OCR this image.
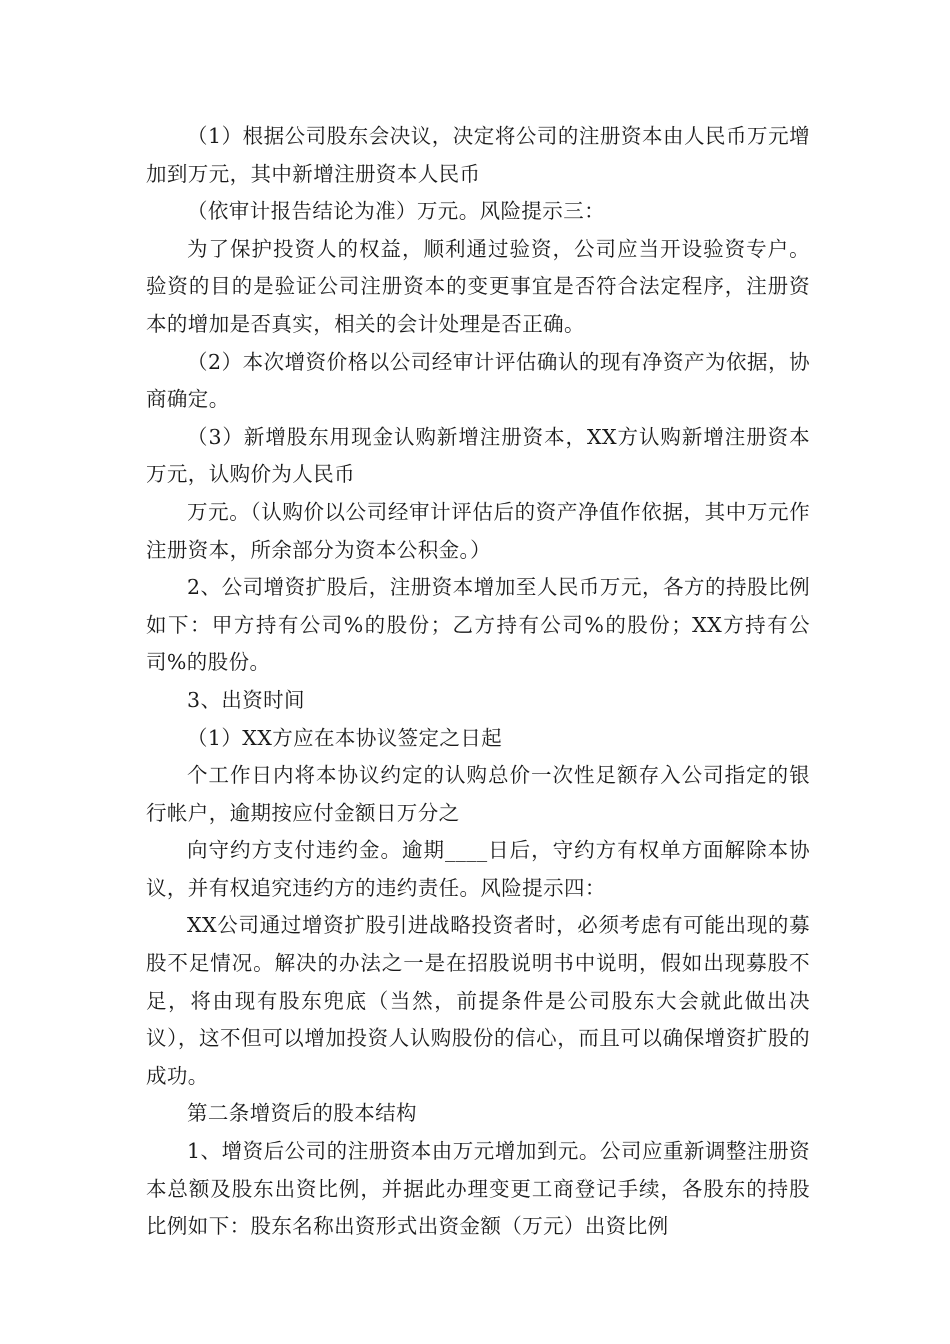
（1）根据公司股东会决议，决定将公司的注册资本由人民币万元增加到万元，其中新增注册资本人民币

（依审计报告结论为准）万元。风险提示三：

为了保护投资人的权益，顺利通过验资，公司应当开设验资专户。验资的目的是验证公司注册资本的变更事宜是否符合法定程序，注册资本的增加是否真实，相关的会计处理是否正确。

（2）本次增资价格以公司经审计评估确认的现有净资产为依据，协商确定。

（3）新增股东用现金认购新增注册资本，XX方认购新增注册资本万元，认购价为人民币

万元。（认购价以公司经审计评估后的资产净值作依据，其中万元作注册资本，所余部分为资本公积金。）

2、公司增资扩股后，注册资本增加至人民币万元，各方的持股比例如下：甲方持有公司%的股份；乙方持有公司%的股份；XX方持有公司%的股份。

3、出资时间

（1）XX方应在本协议签定之日起

个工作日内将本协议约定的认购总价一次性足额存入公司指定的银行帐户，逾期按应付金额日万分之

向守约方支付违约金。逾期____日后，守约方有权单方面解除本协议，并有权追究违约方的违约责任。风险提示四：

XX公司通过增资扩股引进战略投资者时，必须考虑有可能出现的募股不足情况。解决的办法之一是在招股说明书中说明，假如出现募股不足，将由现有股东兜底（当然，前提条件是公司股东大会就此做出决议），这不但可以增加投资人认购股份的信心，而且可以确保增资扩股的成功。

第二条增资后的股本结构

1、增资后公司的注册资本由万元增加到元。公司应重新调整注册资本总额及股东出资比例，并据此办理变更工商登记手续，各股东的持股比例如下：股东名称出资形式出资金额（万元）出资比例
